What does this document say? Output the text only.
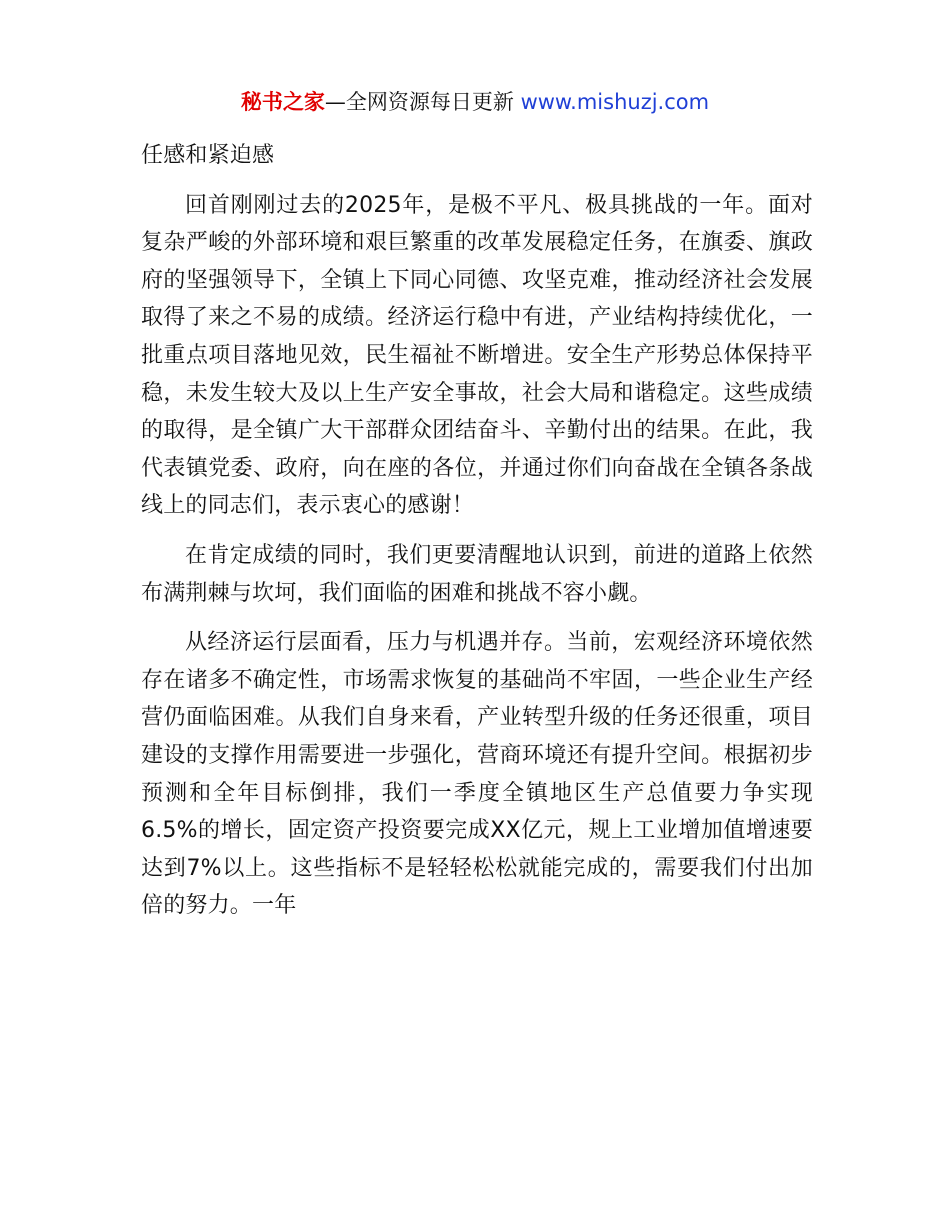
秘书之家—全网资源每日更新 www.mishuzj.com

任感和紧迫感

回首刚刚过去的2025年，是极不平凡、极具挑战的一年。面对复杂严峻的外部环境和艰巨繁重的改革发展稳定任务，在旗委、旗政府的坚强领导下，全镇上下同心同德、攻坚克难，推动经济社会发展取得了来之不易的成绩。经济运行稳中有进，产业结构持续优化，一批重点项目落地见效，民生福祉不断增进。安全生产形势总体保持平稳，未发生较大及以上生产安全事故，社会大局和谐稳定。这些成绩的取得，是全镇广大干部群众团结奋斗、辛勤付出的结果。在此，我代表镇党委、政府，向在座的各位，并通过你们向奋战在全镇各条战线上的同志们，表示衷心的感谢！

在肯定成绩的同时，我们更要清醒地认识到，前进的道路上依然布满荆棘与坎坷，我们面临的困难和挑战不容小觑。

从经济运行层面看，压力与机遇并存。当前，宏观经济环境依然存在诸多不确定性，市场需求恢复的基础尚不牢固，一些企业生产经营仍面临困难。从我们自身来看，产业转型升级的任务还很重，项目建设的支撑作用需要进一步强化，营商环境还有提升空间。根据初步预测和全年目标倒排，我们一季度全镇地区生产总值要力争实现6.5%的增长，固定资产投资要完成XX亿元，规上工业增加值增速要达到7%以上。这些指标不是轻轻松松就能完成的，需要我们付出加倍的努力。一年
